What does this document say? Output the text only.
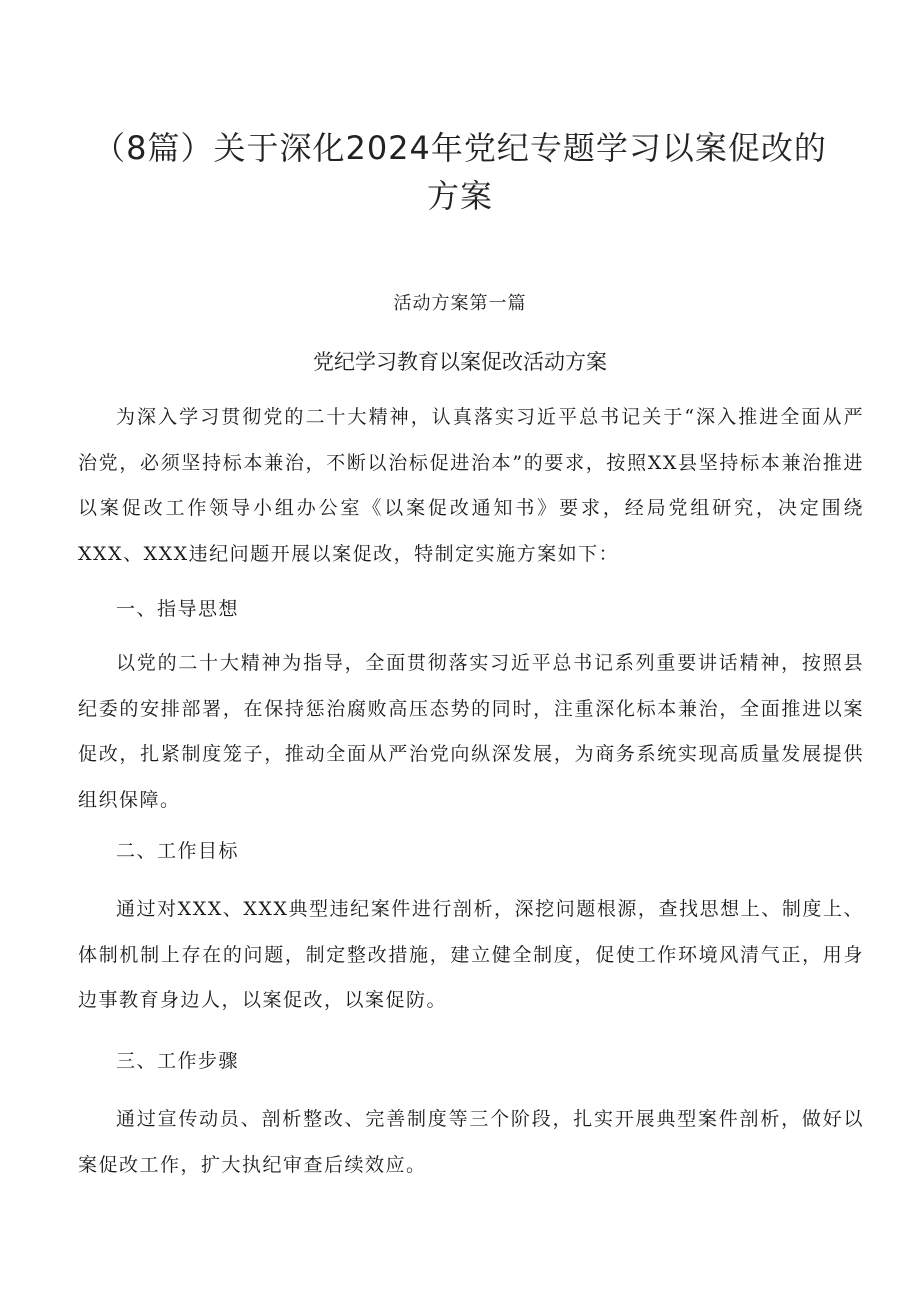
（8篇）关于深化2024年党纪专题学习以案促改的
方案
活动方案第一篇
党纪学习教育以案促改活动方案

为深入学习贯彻党的二十大精神，认真落实习近平总书记关于“深入推进全面从严治党，必须坚持标本兼治，不断以治标促进治本”的要求，按照XX县坚持标本兼治推进以案促改工作领导小组办公室《以案促改通知书》要求，经局党组研究，决定围绕XXX、XXX违纪问题开展以案促改，特制定实施方案如下：

一、指导思想

以党的二十大精神为指导，全面贯彻落实习近平总书记系列重要讲话精神，按照县纪委的安排部署，在保持惩治腐败高压态势的同时，注重深化标本兼治，全面推进以案促改，扎紧制度笼子，推动全面从严治党向纵深发展，为商务系统实现高质量发展提供组织保障。

二、工作目标

通过对XXX、XXX典型违纪案件进行剖析，深挖问题根源，查找思想上、制度上、体制机制上存在的问题，制定整改措施，建立健全制度，促使工作环境风清气正，用身边事教育身边人，以案促改，以案促防。

三、工作步骤

通过宣传动员、剖析整改、完善制度等三个阶段，扎实开展典型案件剖析，做好以案促改工作，扩大执纪审查后续效应。
